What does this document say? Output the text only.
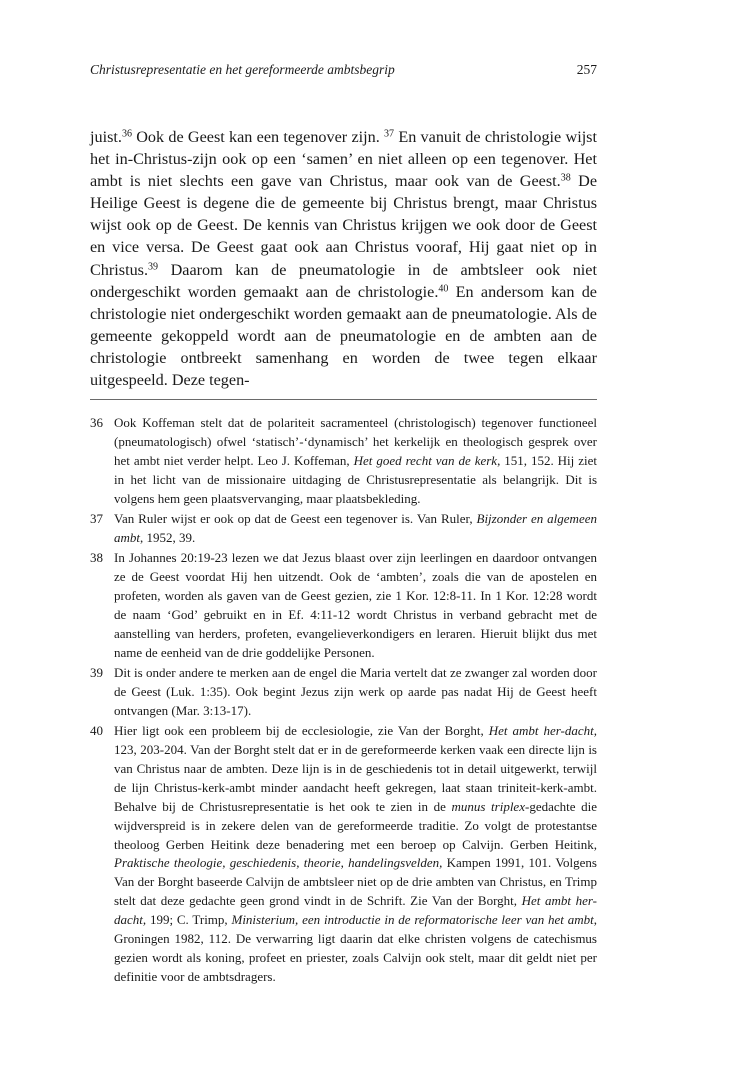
Christusrepresentatie en het gereformeerde ambtsbegrip	257

juist.$^{36}$ Ook de Geest kan een tegenover zijn. $^{37}$ En vanuit de christologie wijst het in-Christus-zijn ook op een ‘samen’ en niet alleen op een tegenover. Het ambt is niet slechts een gave van Christus, maar ook van de Geest.$^{38}$ De Heilige Geest is degene die de gemeente bij Christus brengt, maar Christus wijst ook op de Geest. De kennis van Christus krijgen we ook door de Geest en vice versa. De Geest gaat ook aan Christus vooraf, Hij gaat niet op in Christus.$^{39}$ Daarom kan de pneumatologie in de ambtsleer ook niet ondergeschikt worden gemaakt aan de christologie.$^{40}$ En andersom kan de christologie niet ondergeschikt worden gemaakt aan de pneumatologie. Als de gemeente gekoppeld wordt aan de pneumatologie en de ambten aan de christologie ontbreekt samenhang en worden de twee tegen elkaar uitgespeeld. Deze tegen-

36 Ook Koffeman stelt dat de polariteit sacramenteel (christologisch) tegenover functioneel (pneumatologisch) ofwel ‘statisch’-‘dynamisch’ het kerkelijk en theologisch gesprek over het ambt niet verder helpt. Leo J. Koffeman, Het goed recht van de kerk, 151, 152. Hij ziet in het licht van de missionaire uitdaging de Christusrepresentatie als belangrijk. Dit is volgens hem geen plaatsvervanging, maar plaatsbekleding.
37 Van Ruler wijst er ook op dat de Geest een tegenover is. Van Ruler, Bijzonder en algemeen ambt, 1952, 39.
38 In Johannes 20:19-23 lezen we dat Jezus blaast over zijn leerlingen en daardoor ontvangen ze de Geest voordat Hij hen uitzendt. Ook de ‘ambten’, zoals die van de apostelen en profeten, worden als gaven van de Geest gezien, zie 1 Kor. 12:8-11. In 1 Kor. 12:28 wordt de naam ‘God’ gebruikt en in Ef. 4:11-12 wordt Christus in verband gebracht met de aanstelling van herders, profeten, evangelieverkondigers en leraren. Hieruit blijkt dus met name de eenheid van de drie goddelijke Personen.
39 Dit is onder andere te merken aan de engel die Maria vertelt dat ze zwanger zal worden door de Geest (Luk. 1:35). Ook begint Jezus zijn werk op aarde pas nadat Hij de Geest heeft ontvangen (Mar. 3:13-17).
40 Hier ligt ook een probleem bij de ecclesiologie, zie Van der Borght, Het ambt her-dacht, 123, 203-204. Van der Borght stelt dat er in de gereformeerde kerken vaak een directe lijn is van Christus naar de ambten. Deze lijn is in de geschiedenis tot in detail uitgewerkt, terwijl de lijn Christus-kerk-ambt minder aandacht heeft gekregen, laat staan triniteit-kerk-ambt. Behalve bij de Christusrepresentatie is het ook te zien in de munus triplex-gedachte die wijdverspreid is in zekere delen van de gereformeerde traditie. Zo volgt de protestantse theoloog Gerben Heitink deze benadering met een beroep op Calvijn. Gerben Heitink, Praktische theologie, geschiedenis, theorie, handelingsvelden, Kampen 1991, 101. Volgens Van der Borght baseerde Calvijn de ambtsleer niet op de drie ambten van Christus, en Trimp stelt dat deze gedachte geen grond vindt in de Schrift. Zie Van der Borght, Het ambt her-dacht, 199; C. Trimp, Ministerium, een introductie in de reformatorische leer van het ambt, Groningen 1982, 112. De verwarring ligt daarin dat elke christen volgens de catechismus gezien wordt als koning, profeet en priester, zoals Calvijn ook stelt, maar dit geldt niet per definitie voor de ambtsdragers.
